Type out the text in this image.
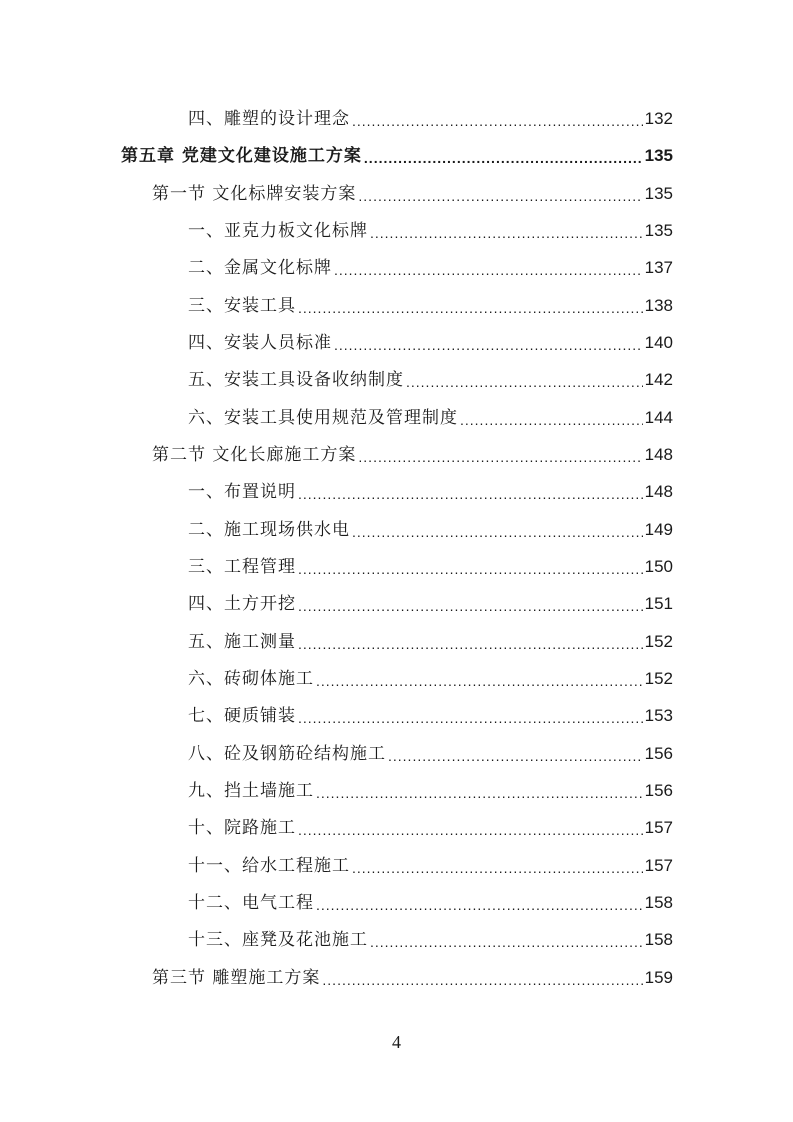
四、雕塑的设计理念 .....	132
第五章 党建文化建设施工方案 .....	135
第一节 文化标牌安装方案 .....	135
一、亚克力板文化标牌 .....	135
二、金属文化标牌 .....	137
三、安装工具 .....	138
四、安装人员标准 .....	140
五、安装工具设备收纳制度 .....	142
六、安装工具使用规范及管理制度 .....	144
第二节 文化长廊施工方案 .....	148
一、布置说明 .....	148
二、施工现场供水电 .....	149
三、工程管理 .....	150
四、土方开挖 .....	151
五、施工测量 .....	152
六、砖砌体施工 .....	152
七、硬质铺装 .....	153
八、砼及钢筋砼结构施工 .....	156
九、挡土墙施工 .....	156
十、院路施工 .....	157
十一、给水工程施工 .....	157
十二、电气工程 .....	158
十三、座凳及花池施工 .....	158
第三节 雕塑施工方案 .....	159
4
